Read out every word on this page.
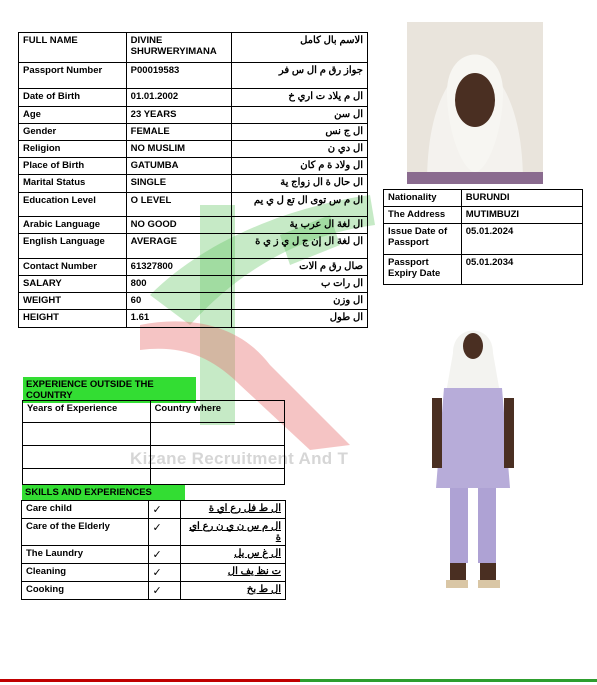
Kizane Recruitment And T
FULL NAME	DIVINE SHURWERYIMANA	الاسم بال كامل
Passport Number	P00019583	جواز رق م ال س فر
Date of Birth	01.01.2002	ال م يلاد ت اري خ
Age	23 YEARS	ال سن
Gender	FEMALE	ال ج نس
Religion	NO MUSLIM	ال دي ن
Place of Birth	GATUMBA	ال ولاد ة م كان
Marital Status	SINGLE	ال حال ة ال زواج ية
Education Level	O LEVEL	ال م س توى ال تع ل ي يم
Arabic Language	NO GOOD	ال لغة ال عرب ية
English Language	AVERAGE	ال لغة ال إن ج ل ي ز ي ة
Contact Number	61327800	صال رق م الات
SALARY	800	ال رات ب
WEIGHT	60	ال وزن
HEIGHT	1.61	ال طول
Nationality	BURUNDI
The Address	MUTIMBUZI
Issue Date of Passport	05.01.2024
Passport Expiry Date	05.01.2034
EXPERIENCE OUTSIDE THE COUNTRY
Years of Experience	Country where

SKILLS AND EXPERIENCES
Care child	✓	ال ط فل رع اي ة
Care of the Elderly	✓	ال م س ن ي ن رع اي ة
The Laundry	✓	ال غ س يل
Cleaning	✓	ت نظ يف ال
Cooking	✓	ال ط بخ
